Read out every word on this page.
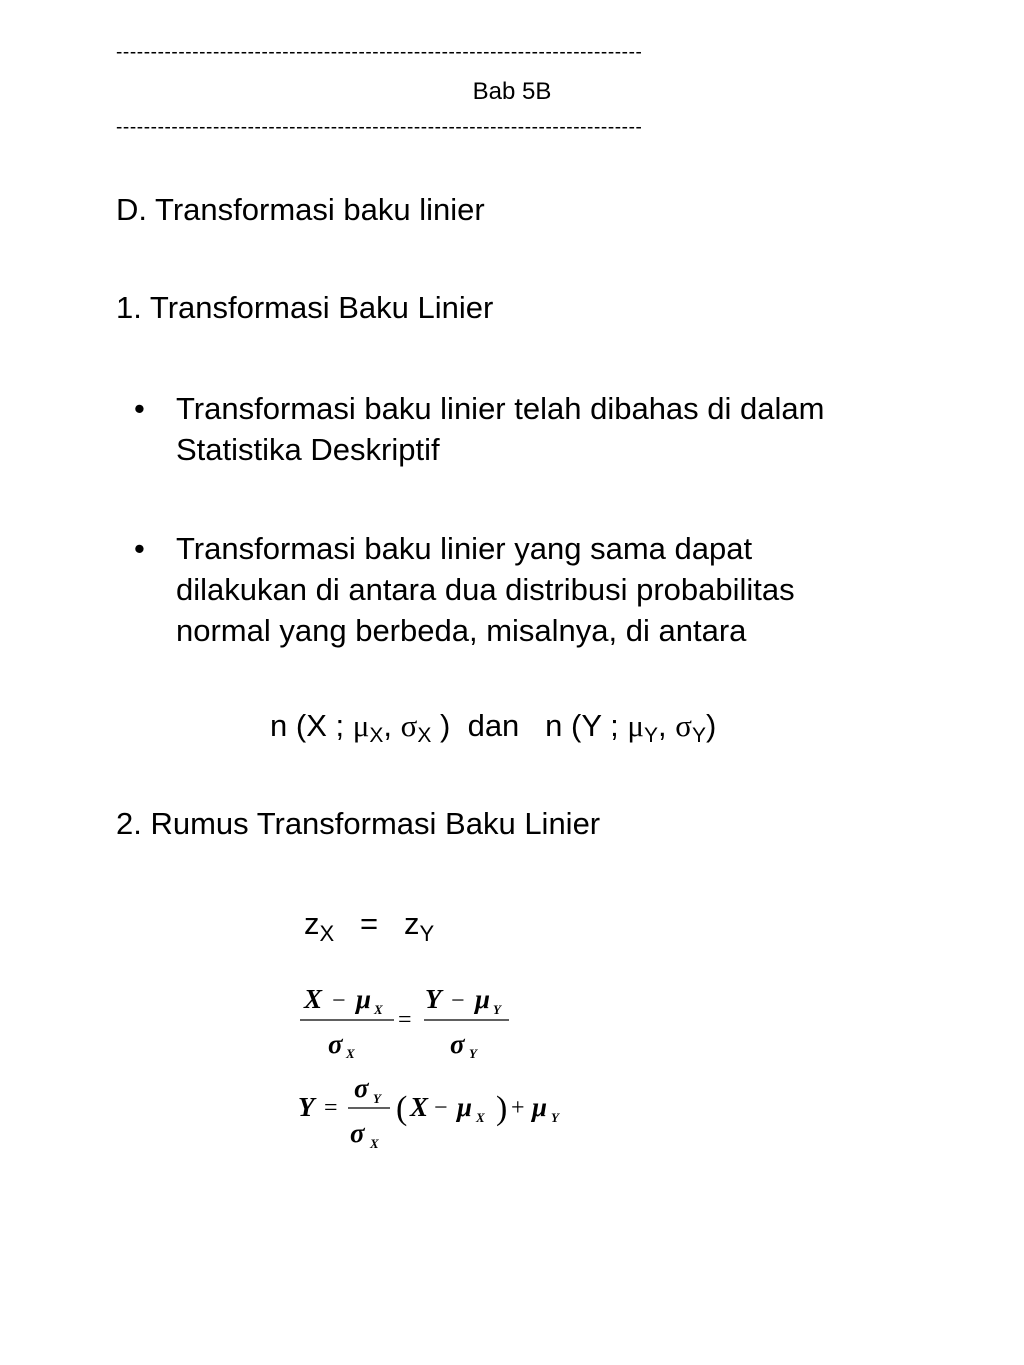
----------------------------------------------------------------------------
Bab 5B
----------------------------------------------------------------------------
D. Transformasi baku linier
1. Transformasi Baku Linier
• Transformasi baku linier telah dibahas di dalam
Statistika Deskriptif
• Transformasi baku linier yang sama dapat
dilakukan di antara dua distribusi probabilitas
normal yang berbeda, misalnya, di antara
n (X ; $\mu_X$, $\sigma_X$ ) dan n (Y ; $\mu_Y$, $\sigma_Y$)
2. Rumus Transformasi Baku Linier
$z_X = z_Y$
X μ Y μ
σ	σ
X	Y
X	Y
−	−
=
Y
σ
σ
X μ μ
Y
X
X	Y
=	−	+
(	)
